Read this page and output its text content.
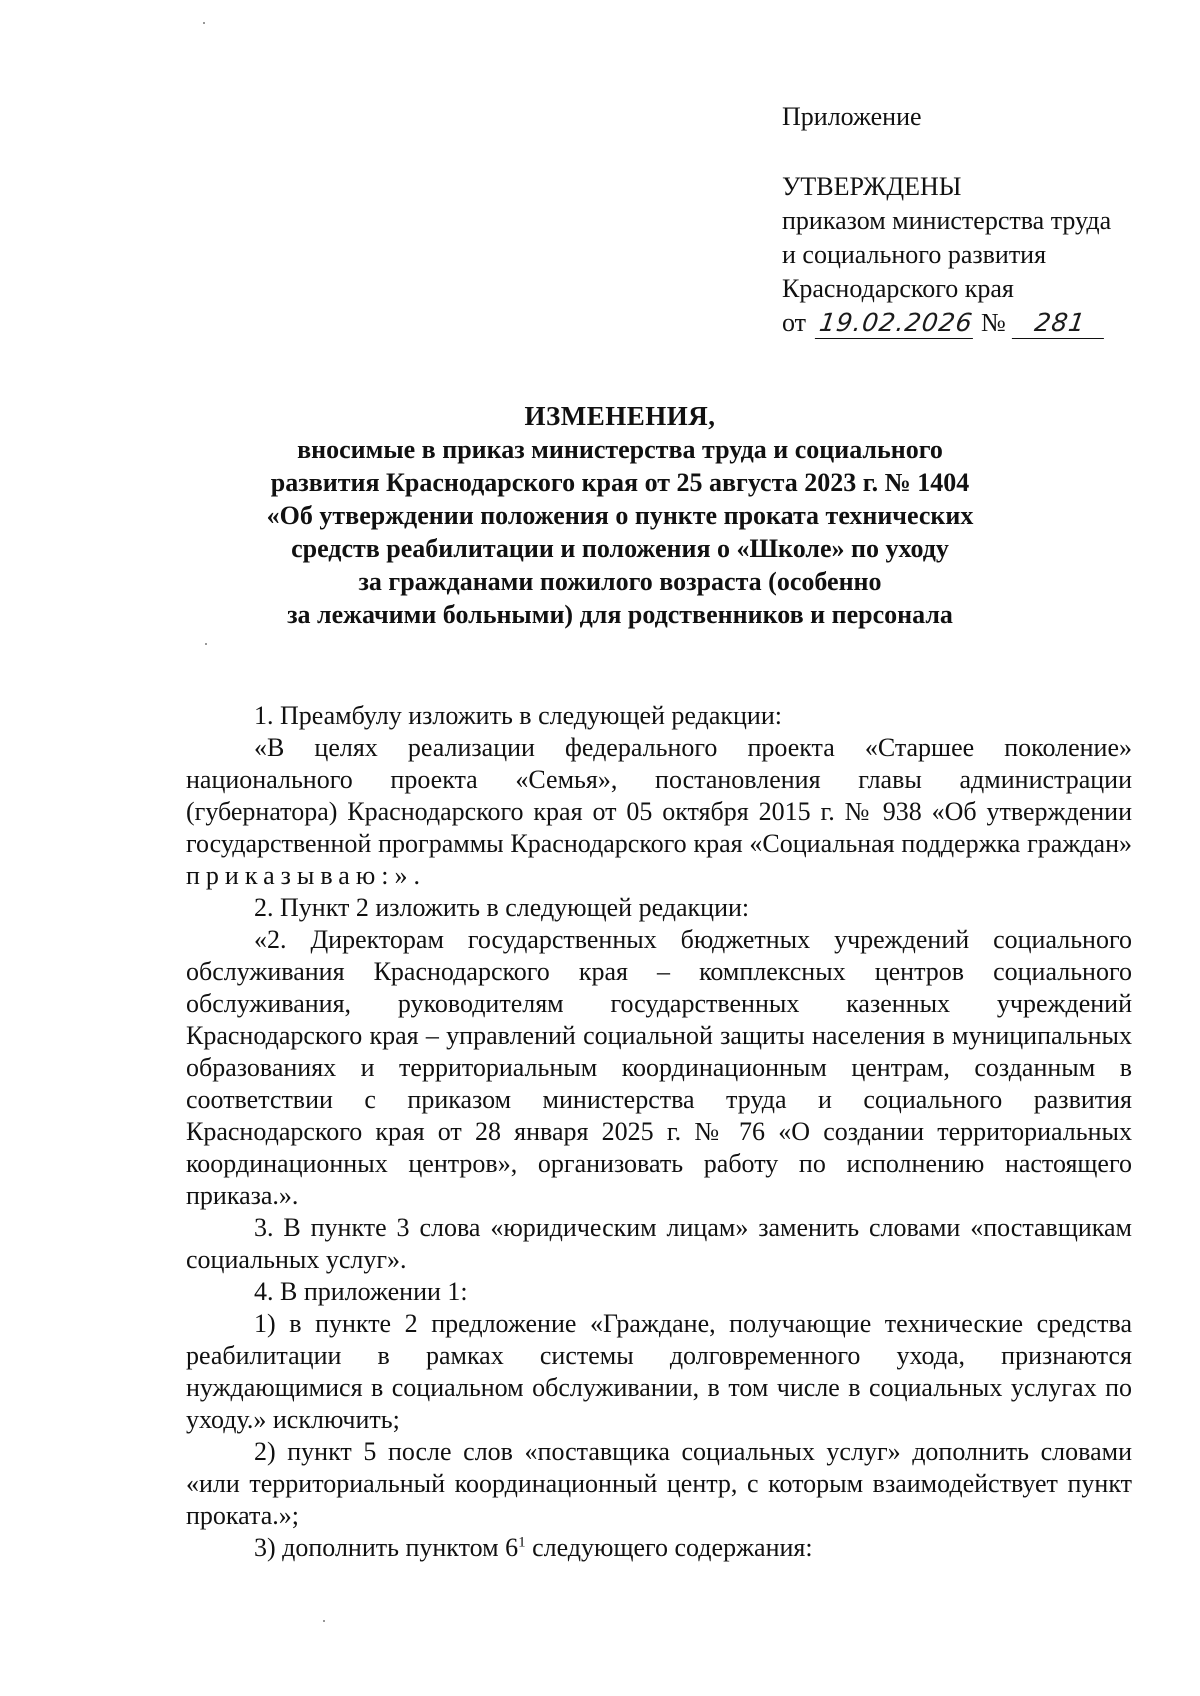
Приложение
УТВЕРЖДЕНЫ
приказом министерства труда
и социального развития
Краснодарского края
от 19.02.2026 № 281
ИЗМЕНЕНИЯ,
вносимые в приказ министерства труда и социального
развития Краснодарского края от 25 августа 2023 г. № 1404
«Об утверждении положения о пункте проката технических
средств реабилитации и положения о «Школе» по уходу
за гражданами пожилого возраста (особенно
за лежачими больными) для родственников и персонала

1. Преамбулу изложить в следующей редакции:

«В целях реализации федерального проекта «Старшее поколение» национального проекта «Семья», постановления главы администрации (губернатора) Краснодарского края от 05 октября 2015 г. № 938 «Об утверждении государственной программы Краснодарского края «Социальная поддержка граждан» приказываю:».

2. Пункт 2 изложить в следующей редакции:

«2. Директорам государственных бюджетных учреждений социального обслуживания Краснодарского края – комплексных центров социального обслуживания, руководителям государственных казенных учреждений Краснодарского края – управлений социальной защиты населения в муниципальных образованиях и территориальным координационным центрам, созданным в соответствии с приказом министерства труда и социального развития Краснодарского края от 28 января 2025 г. № 76 «О создании территориальных координационных центров», организовать работу по исполнению настоящего приказа.».

3. В пункте 3 слова «юридическим лицам» заменить словами «поставщикам социальных услуг».

4. В приложении 1:

1) в пункте 2 предложение «Граждане, получающие технические средства реабилитации в рамках системы долговременного ухода, признаются нуждающимися в социальном обслуживании, в том числе в социальных услугах по уходу.» исключить;

2) пункт 5 после слов «поставщика социальных услуг» дополнить словами «или территориальный координационный центр, с которым взаимодействует пункт проката.»;

3) дополнить пунктом $6^1$ следующего содержания:
